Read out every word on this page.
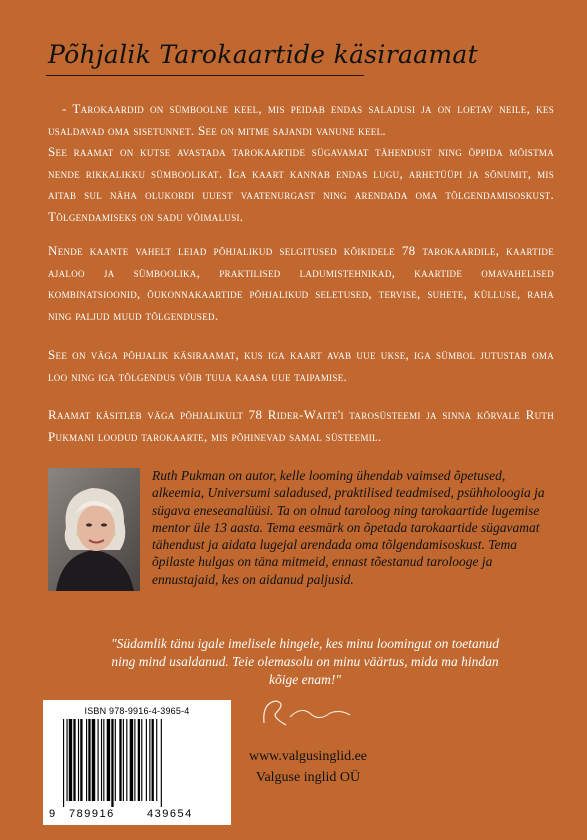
Põhjalik Tarokaartide käsiraamat

- Tarokaardid on sümboolne keel, mis peidab endas saladusi ja on loetav neile, kes usaldavad oma sisetunnet. See on mitme sajandi vanune keel.

See raamat on kutse avastada tarokaartide sügavamat tähendust ning õppida mõistma nende rikkalikku sümboolikat. Iga kaart kannab endas lugu, arhetüüpi ja sõnumit, mis aitab sul näha olukordi uuest vaatenurgast ning arendada oma tõlgendamisoskust. Tõlgendamiseks on sadu võimalusi.

Nende kaante vahelt leiad põhjalikud selgitused kõikidele 78 tarokaardile, kaartide ajaloo ja sümboolika, praktilised ladumistehnikad, kaartide omavahelised kombinatsioonid, õukonnakaartide põhjalikud seletused, tervise, suhete, külluse, raha ning paljud muud tõlgendused.

See on väga põhjalik käsiraamat, kus iga kaart avab uue ukse, iga sümbol jutustab oma loo ning iga tõlgendus võib tuua kaasa uue taipamise.

Raamat käsitleb väga põhjalikult 78 Rider-Waite'i tarosüsteemi ja sinna kõrvale Ruth Pukmani loodud tarokaarte, mis põhinevad samal süsteemil.

Ruth Pukman on autor, kelle looming ühendab vaimsed õpetused, alkeemia, Universumi saladused, praktilised teadmised, psühholoogia ja sügava eneseanalüüsi. Ta on olnud taroloog ning tarokaartide lugemise mentor üle 13 aasta. Tema eesmärk on õpetada tarokaartide sügavamat tähendust ja aidata lugejal arendada oma tõlgendamisoskust. Tema õpilaste hulgas on täna mitmeid, ennast tõestanud tarolooge ja ennustajaid, kes on aidanud paljusid.

"Südamlik tänu igale imelisele hingele, kes minu loomingut on toetanud ning mind usaldanud. Teie olemasolu on minu väärtus, mida ma hindan kõige enam!"

ISBN 978-9916-4-3965-4
9 789916	439654
www.valgusinglid.ee
Valguse inglid OÜ
